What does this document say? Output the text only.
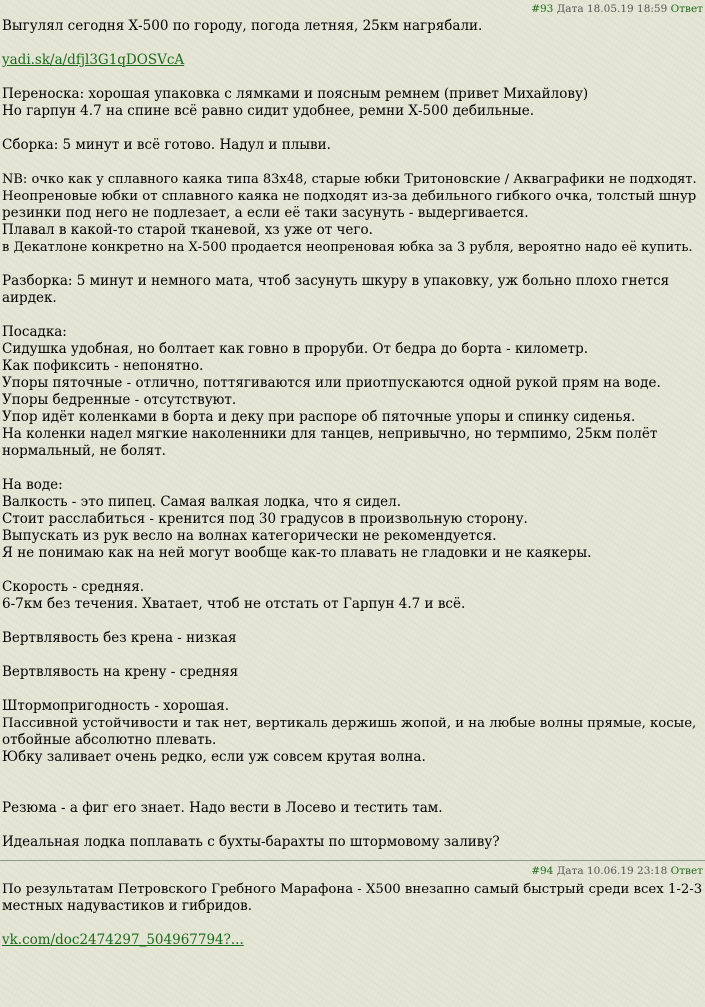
#93 Дата 18.05.19 18:59 Ответ
Выгулял сегодня Х-500 по городу, погода летняя, 25км нагрябали.
yadi.sk/a/dfjl3G1qDOSVcA
Переноска: хорошая упаковка с лямками и поясным ремнем (привет Михайлову)
Но гарпун 4.7 на спине всё равно сидит удобнее, ремни Х-500 дебильные.
Сборка: 5 минут и всё готово. Надул и плыви.
NB: очко как у сплавного каяка типа 83х48, старые юбки Тритоновские / Акваграфики не подходят.
Неопреновые юбки от сплавного каяка не подходят из-за дебильного гибкого очка, толстый шнур
резинки под него не подлезает, а если её таки засунуть - выдергивается.
Плавал в какой-то старой тканевой, хз уже от чего.
в Декатлоне конкретно на Х-500 продается неопреновая юбка за 3 рубля, вероятно надо её купить.
Разборка: 5 минут и немного мата, чтоб засунуть шкуру в упаковку, уж больно плохо гнется
аирдек.
Посадка:
Сидушка удобная, но болтает как говно в проруби. От бедра до борта - километр.
Как пофиксить - непонятно.
Упоры пяточные - отлично, поттягиваются или приотпускаются одной рукой прям на воде.
Упоры бедренные - отсутствуют.
Упор идёт коленками в борта и деку при распоре об пяточные упоры и спинку сиденья.
На коленки надел мягкие наколенники для танцев, непривычно, но термпимо, 25км полёт
нормальный, не болят.
На воде:
Валкость - это пипец. Самая валкая лодка, что я сидел.
Стоит расслабиться - кренится под 30 градусов в произвольную сторону.
Выпускать из рук весло на волнах категорически не рекомендуется.
Я не понимаю как на ней могут вообще как-то плавать не гладовки и не каякеры.
Скорость - средняя.
6-7км без течения. Хватает, чтоб не отстать от Гарпун 4.7 и всё.
Вертвлявость без крена - низкая
Вертвлявость на крену - средняя
Штормопригодность - хорошая.
Пассивной устойчивости и так нет, вертикаль держишь жопой, и на любые волны прямые, косые,
отбойные абсолютно плевать.
Юбку заливает очень редко, если уж совсем крутая волна.
Резюма - а фиг его знает. Надо вести в Лосево и тестить там.
Идеальная лодка поплавать с бухты-барахты по штормовому заливу?
#94 Дата 10.06.19 23:18 Ответ
По результатам Петровского Гребного Марафона - Х500 внезапно самый быстрый среди всех 1-2-3
местных надувастиков и гибридов.
vk.com/doc2474297_504967794?...
